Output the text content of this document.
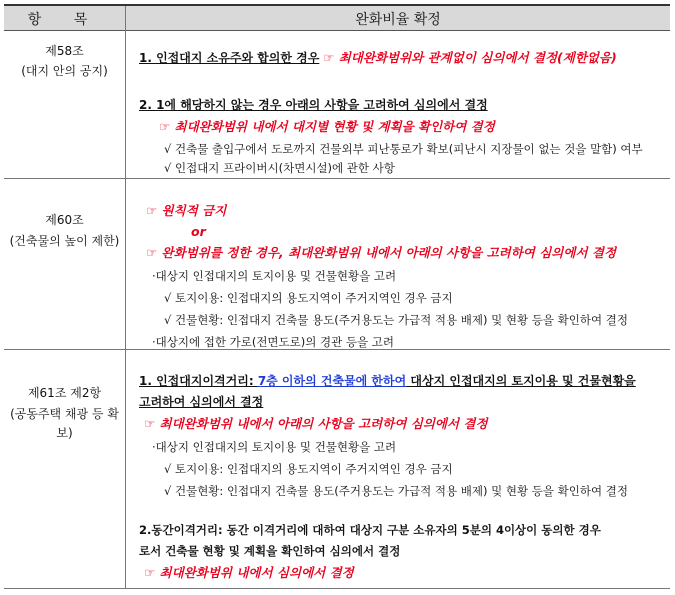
항 목	완화비율 확정
제58조
(대지 안의 공지)
1. 인접대지 소유주와 합의한 경우 ☞ 최대완화범위와 관계없이 심의에서 결정(제한없음)
2. 1에 해당하지 않는 경우 아래의 사항을 고려하여 심의에서 결정
☞ 최대완화범위 내에서 대지별 현황 및 계획을 확인하여 결정
√ 건축물 출입구에서 도로까지 건물외부 피난통로가 확보(피난시 지장물이 없는 것을 말함) 여부
√ 인접대지 프라이버시(차면시설)에 관한 사항
제60조
(건축물의 높이 제한)
☞ 원칙적 금지
or
☞ 완화범위를 정한 경우, 최대완화범위 내에서 아래의 사항을 고려하여 심의에서 결정
·대상지 인접대지의 토지이용 및 건물현황을 고려
√ 토지이용: 인접대지의 용도지역이 주거지역인 경우 금지
√ 건물현황: 인접대지 건축물 용도(주거용도는 가급적 적용 배제) 및 현황 등을 확인하여 결정
·대상지에 접한 가로(전면도로)의 경관 등을 고려
제61조 제2항
(공동주택 채광 등 확보)
1. 인접대지이격거리: 7층 이하의 건축물에 한하여 대상지 인접대지의 토지이용 및 건물현황을
고려하여 심의에서 결정
☞ 최대완화범위 내에서 아래의 사항을 고려하여 심의에서 결정
·대상지 인접대지의 토지이용 및 건물현황을 고려
√ 토지이용: 인접대지의 용도지역이 주거지역인 경우 금지
√ 건물현황: 인접대지 건축물 용도(주거용도는 가급적 적용 배제) 및 현황 등을 확인하여 결정
2.동간이격거리: 동간 이격거리에 대하여 대상지 구분 소유자의 5분의 4이상이 동의한 경우
로서 건축물 현황 및 계획을 확인하여 심의에서 결정
☞ 최대완화범위 내에서 심의에서 결정
